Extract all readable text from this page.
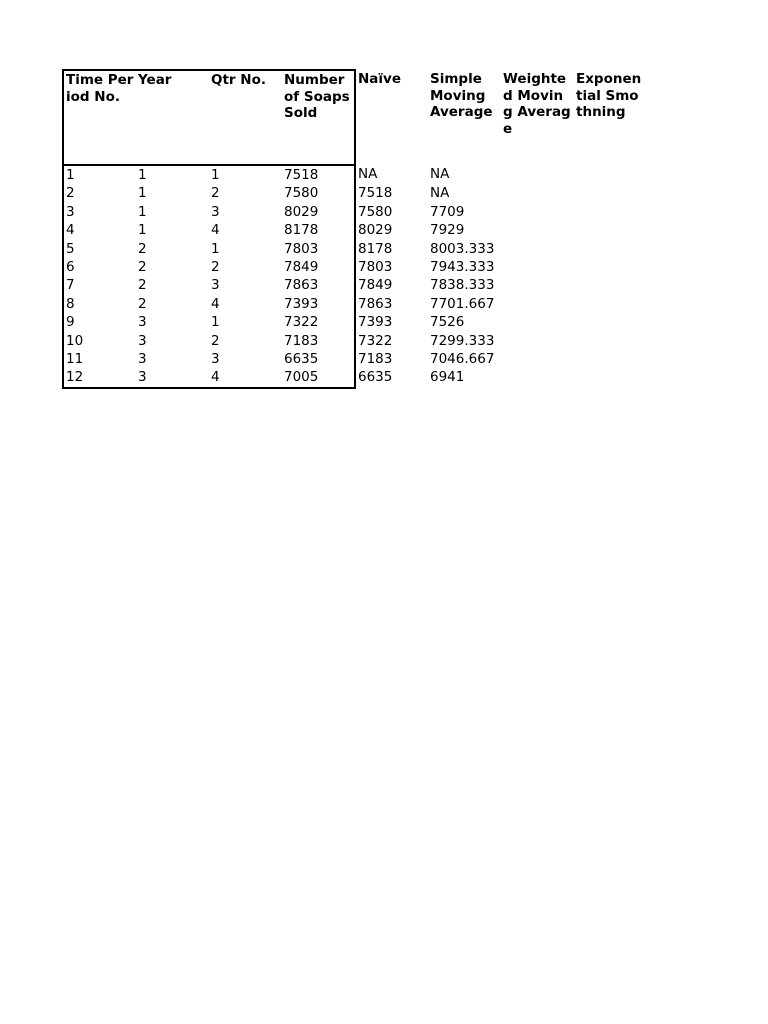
Time Period No.	Year	Qtr No.	Number of Soaps Sold	Naïve	Simple Moving Average	Weighted Moving Average	Exponential Smothning
1	1	1	7518	NA	NA		
2	1	2	7580	7518	NA		
3	1	3	8029	7580	7709		
4	1	4	8178	8029	7929		
5	2	1	7803	8178	8003.333		
6	2	2	7849	7803	7943.333		
7	2	3	7863	7849	7838.333		
8	2	4	7393	7863	7701.667		
9	3	1	7322	7393	7526		
10	3	2	7183	7322	7299.333		
11	3	3	6635	7183	7046.667		
12	3	4	7005	6635	6941		
